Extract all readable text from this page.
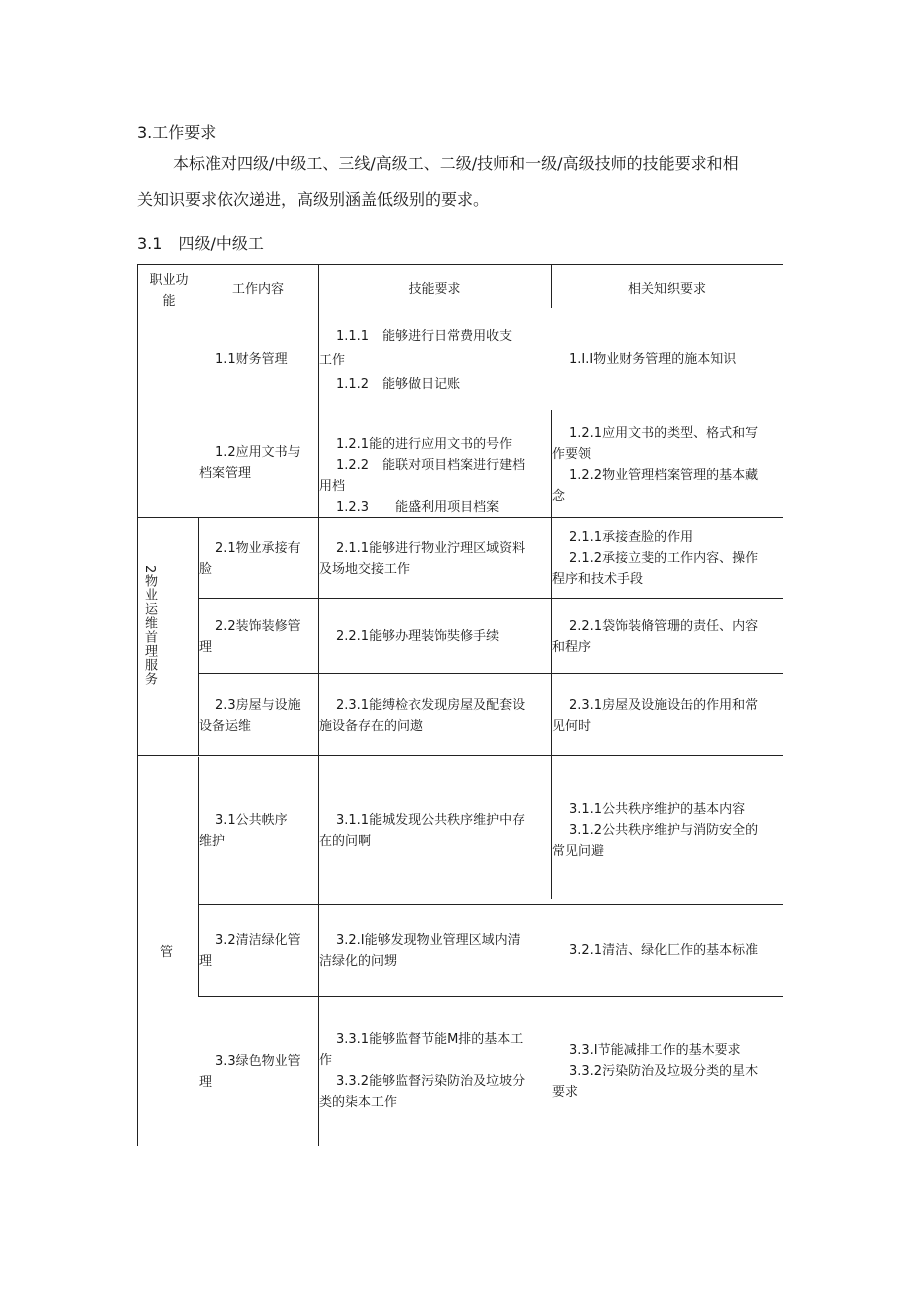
3.工作要求
本标准对四级/中级工、三线/高级工、二级/技师和一级/高级技师的技能要求和相
关知识要求依次递进，高级别涵盖低级别的要求。
3.1　四级/中级工
职业功
能
工作内容	技能要求	相关知织要求
1.1财务管理
1.1.1　能够进行日常费用收支
工作
1.1.2　能够做日记账
1.I.I物业财务管理的施本知识
1.2应用文书与
档案管理
1.2.1能的进行应用文书的号作
1.2.2　能联对项目档案进行建档
用档
1.2.3　　能盛利用项目档案
1.2.1应用文书的类型、格式和写
作要领
1.2.2物业管理档案管理的基本藏
念
2物业运维首理服务
2.1物业承接有
脸
2.1.1能够进行物业泞理区域资料
及场地交接工作
2.1.1承接查脸的作用
2.1.2承接立斐的工作内容、操作
程序和技术手段
2.2装饰装修管
理
2.2.1能够办理装饰奘修手续
2.2.1袋饰装脩管珊的责任、内容
和程序
2.3房屋与设施
设备运维
2.3.1能缚检衣发现房屋及配套设
施设备存在的问遨
2.3.1房屋及设施设缶的作用和常
见何时
管
3.1公共帙序
维护
3.1.1能城发现公共秩序维护中存
在的问啊
3.1.1公共秩序维护的基本内容
3.1.2公共秩序维护与消防安全的
常见问避
3.2清洁绿化管
理
3.2.I能够发现物业管理区域内清
洁绿化的问甥
3.2.1清洁、绿化匚作的基本标准
3.3绿色物业管
理
3.3.1能够监督节能M排的基本工
作
3.3.2能够监督污染防治及垃坡分
类的柒本工作
3.3.I节能减排工作的基木要求
3.3.2污染防治及垃圾分类的星木
要求
